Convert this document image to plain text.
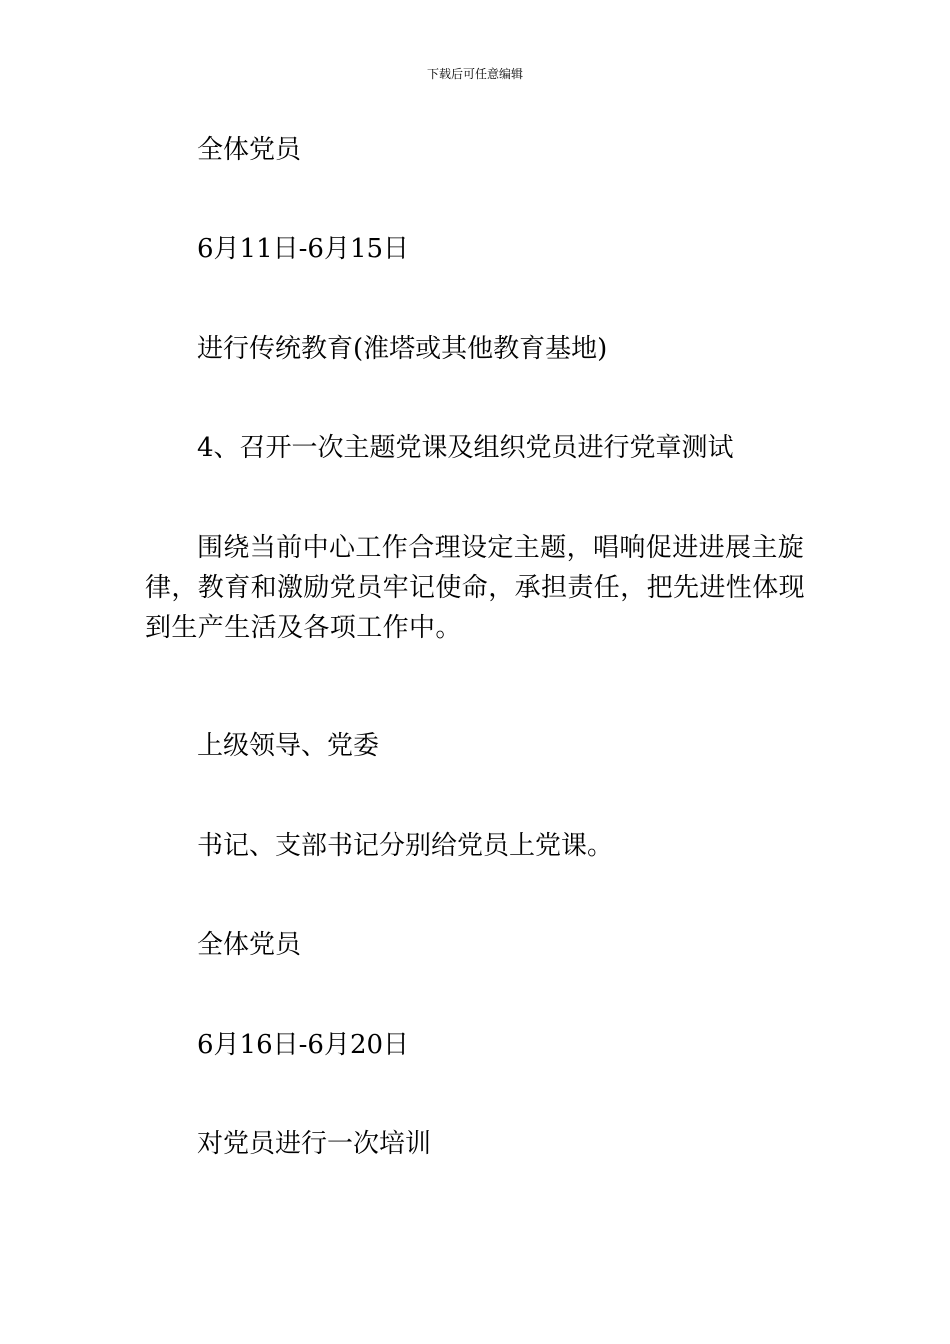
下载后可任意编辑

全体党员

6月11日-6月15日

进行传统教育(淮塔或其他教育基地)

4、召开一次主题党课及组织党员进行党章测试

围绕当前中心工作合理设定主题，唱响促进进展主旋律，教育和激励党员牢记使命，承担责任，把先进性体现到生产生活及各项工作中。

上级领导、党委

书记、支部书记分别给党员上党课。

全体党员

6月16日-6月20日

对党员进行一次培训
